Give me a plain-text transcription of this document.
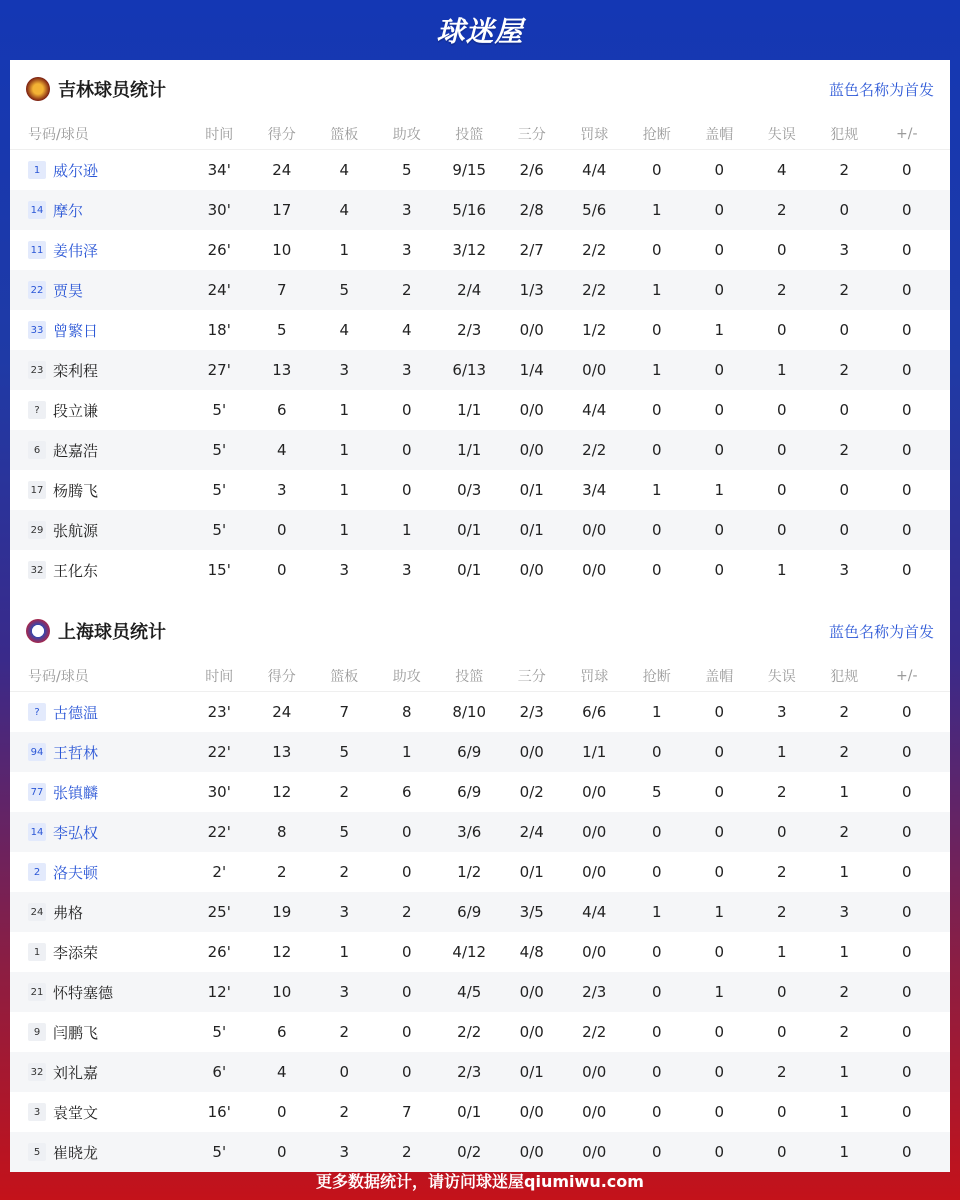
球迷屋
吉林球员统计	蓝色名称为首发
号码/球员	时间	得分	篮板	助攻	投篮	三分	罚球	抢断	盖帽	失误	犯规	+/-
1 威尔逊	34'	24	4	5	9/15	2/6	4/4	0	0	4	2	0
14 摩尔	30'	17	4	3	5/16	2/8	5/6	1	0	2	0	0
11 姜伟泽	26'	10	1	3	3/12	2/7	2/2	0	0	0	3	0
22 贾昊	24'	7	5	2	2/4	1/3	2/2	1	0	2	2	0
33 曾繁日	18'	5	4	4	2/3	0/0	1/2	0	1	0	0	0
23 栾利程	27'	13	3	3	6/13	1/4	0/0	1	0	1	2	0
? 段立谦	5'	6	1	0	1/1	0/0	4/4	0	0	0	0	0
6 赵嘉浩	5'	4	1	0	1/1	0/0	2/2	0	0	0	2	0
17 杨腾飞	5'	3	1	0	0/3	0/1	3/4	1	1	0	0	0
29 张航源	5'	0	1	1	0/1	0/1	0/0	0	0	0	0	0
32 王化东	15'	0	3	3	0/1	0/0	0/0	0	0	1	3	0
上海球员统计	蓝色名称为首发
号码/球员	时间	得分	篮板	助攻	投篮	三分	罚球	抢断	盖帽	失误	犯规	+/-
? 古德温	23'	24	7	8	8/10	2/3	6/6	1	0	3	2	0
94 王哲林	22'	13	5	1	6/9	0/0	1/1	0	0	1	2	0
77 张镇麟	30'	12	2	6	6/9	0/2	0/0	5	0	2	1	0
14 李弘权	22'	8	5	0	3/6	2/4	0/0	0	0	0	2	0
2 洛夫顿	2'	2	2	0	1/2	0/1	0/0	0	0	2	1	0
24 弗格	25'	19	3	2	6/9	3/5	4/4	1	1	2	3	0
1 李添荣	26'	12	1	0	4/12	4/8	0/0	0	0	1	1	0
21 怀特塞德	12'	10	3	0	4/5	0/0	2/3	0	1	0	2	0
9 闫鹏飞	5'	6	2	0	2/2	0/0	2/2	0	0	0	2	0
32 刘礼嘉	6'	4	0	0	2/3	0/1	0/0	0	0	2	1	0
3 袁堂文	16'	0	2	7	0/1	0/0	0/0	0	0	0	1	0
5 崔晓龙	5'	0	3	2	0/2	0/0	0/0	0	0	0	1	0
更多数据统计，请访问球迷屋qiumiwu.com
